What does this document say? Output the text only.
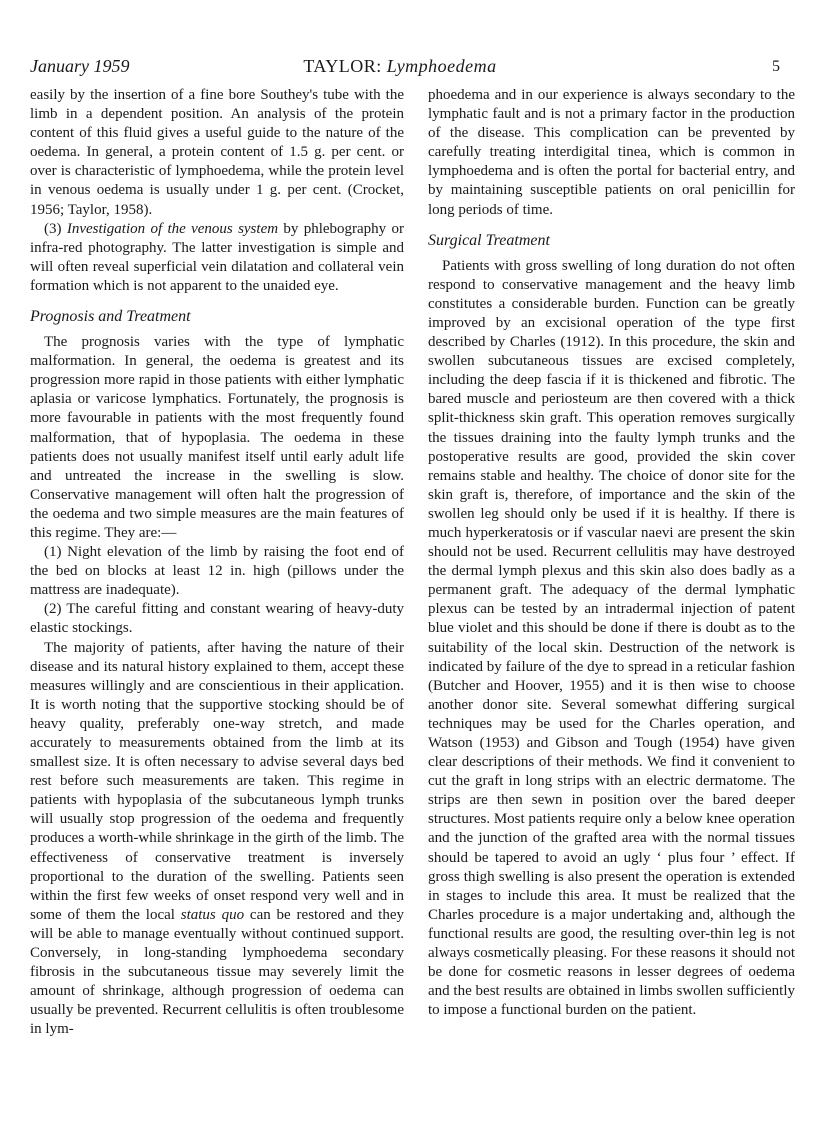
January 1959	TAYLOR: Lymphoedema	5

easily by the insertion of a fine bore Southey's tube with the limb in a dependent position. An analysis of the protein content of this fluid gives a useful guide to the nature of the oedema. In general, a protein content of 1.5 g. per cent. or over is characteristic of lymphoedema, while the protein level in venous oedema is usually under 1 g. per cent. (Crocket, 1956; Taylor, 1958).

(3) Investigation of the venous system by phlebography or infra-red photography. The latter investigation is simple and will often reveal superficial vein dilatation and collateral vein formation which is not apparent to the unaided eye.

Prognosis and Treatment

The prognosis varies with the type of lymphatic malformation. In general, the oedema is greatest and its progression more rapid in those patients with either lymphatic aplasia or varicose lymphatics. Fortunately, the prognosis is more favourable in patients with the most frequently found malformation, that of hypoplasia. The oedema in these patients does not usually manifest itself until early adult life and untreated the increase in the swelling is slow. Conservative management will often halt the progression of the oedema and two simple measures are the main features of this regime. They are:—

(1) Night elevation of the limb by raising the foot end of the bed on blocks at least 12 in. high (pillows under the mattress are inadequate).

(2) The careful fitting and constant wearing of heavy-duty elastic stockings.

The majority of patients, after having the nature of their disease and its natural history explained to them, accept these measures willingly and are conscientious in their application. It is worth noting that the supportive stocking should be of heavy quality, preferably one-way stretch, and made accurately to measurements obtained from the limb at its smallest size. It is often necessary to advise several days bed rest before such measurements are taken. This regime in patients with hypoplasia of the subcutaneous lymph trunks will usually stop progression of the oedema and frequently produces a worth-while shrinkage in the girth of the limb. The effectiveness of conservative treatment is inversely proportional to the duration of the swelling. Patients seen within the first few weeks of onset respond very well and in some of them the local status quo can be restored and they will be able to manage eventually without continued support. Conversely, in long-standing lymphoedema secondary fibrosis in the subcutaneous tissue may severely limit the amount of shrinkage, although progression of oedema can usually be prevented. Recurrent cellulitis is often troublesome in lym-

phoedema and in our experience is always secondary to the lymphatic fault and is not a primary factor in the production of the disease. This complication can be prevented by carefully treating interdigital tinea, which is common in lymphoedema and is often the portal for bacterial entry, and by maintaining susceptible patients on oral penicillin for long periods of time.

Surgical Treatment

Patients with gross swelling of long duration do not often respond to conservative management and the heavy limb constitutes a considerable burden. Function can be greatly improved by an excisional operation of the type first described by Charles (1912). In this procedure, the skin and swollen subcutaneous tissues are excised completely, including the deep fascia if it is thickened and fibrotic. The bared muscle and periosteum are then covered with a thick split-thickness skin graft. This operation removes surgically the tissues draining into the faulty lymph trunks and the postoperative results are good, provided the skin cover remains stable and healthy. The choice of donor site for the skin graft is, therefore, of importance and the skin of the swollen leg should only be used if it is healthy. If there is much hyperkeratosis or if vascular naevi are present the skin should not be used. Recurrent cellulitis may have destroyed the dermal lymph plexus and this skin also does badly as a permanent graft. The adequacy of the dermal lymphatic plexus can be tested by an intradermal injection of patent blue violet and this should be done if there is doubt as to the suitability of the local skin. Destruction of the network is indicated by failure of the dye to spread in a reticular fashion (Butcher and Hoover, 1955) and it is then wise to choose another donor site. Several somewhat differing surgical techniques may be used for the Charles operation, and Watson (1953) and Gibson and Tough (1954) have given clear descriptions of their methods. We find it convenient to cut the graft in long strips with an electric dermatome. The strips are then sewn in position over the bared deeper structures. Most patients require only a below knee operation and the junction of the grafted area with the normal tissues should be tapered to avoid an ugly ‘ plus four ’ effect. If gross thigh swelling is also present the operation is extended in stages to include this area. It must be realized that the Charles procedure is a major undertaking and, although the functional results are good, the resulting over-thin leg is not always cosmetically pleasing. For these reasons it should not be done for cosmetic reasons in lesser degrees of oedema and the best results are obtained in limbs swollen sufficiently to impose a functional burden on the patient.
